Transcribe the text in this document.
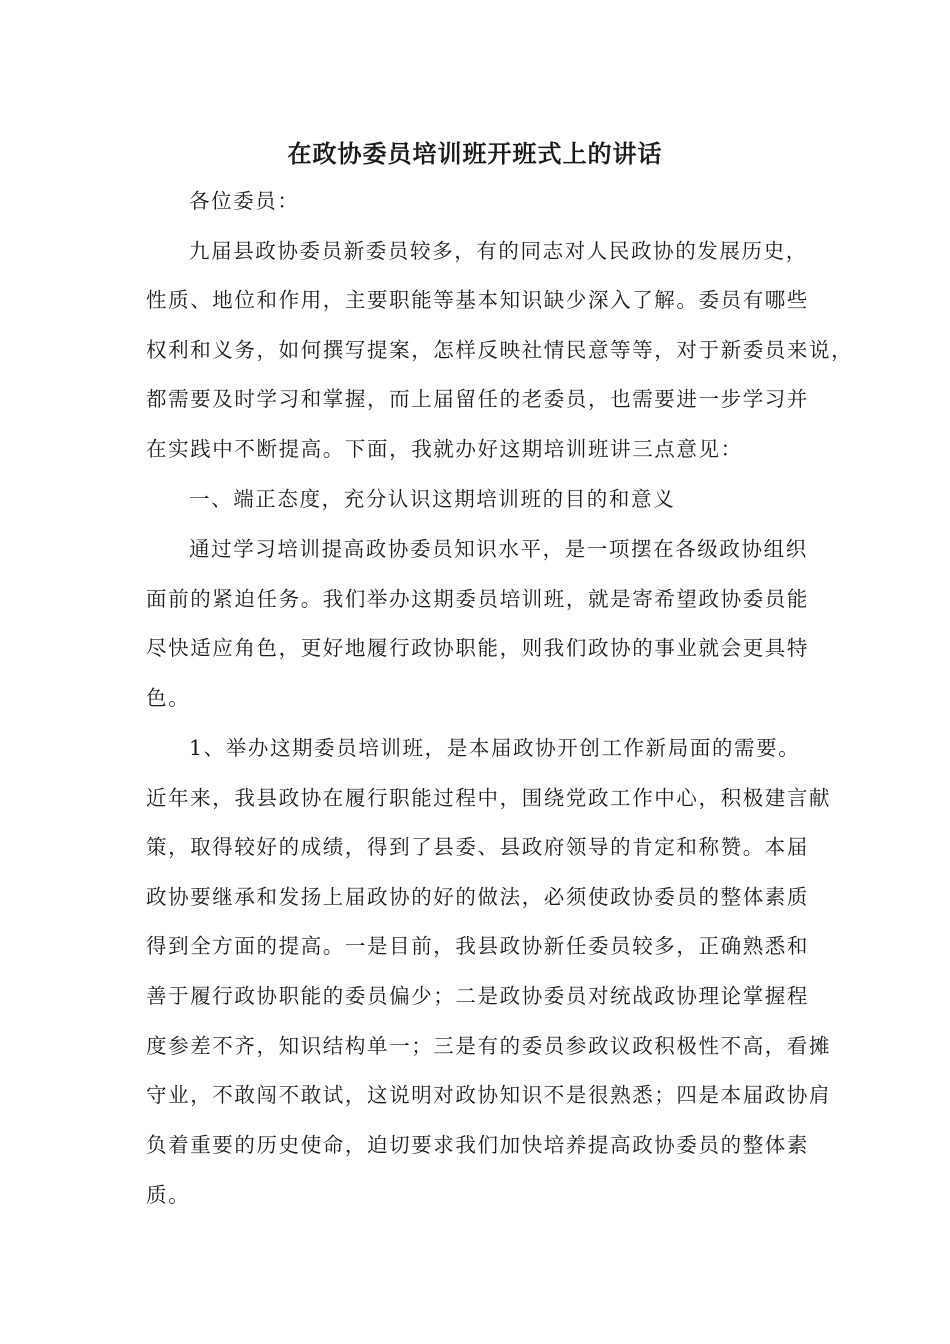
在政协委员培训班开班式上的讲话

各位委员：

九届县政协委员新委员较多，有的同志对人民政协的发展历史，

性质、地位和作用，主要职能等基本知识缺少深入了解。委员有哪些

权利和义务，如何撰写提案，怎样反映社情民意等等，对于新委员来说，

都需要及时学习和掌握，而上届留任的老委员，也需要进一步学习并

在实践中不断提高。下面，我就办好这期培训班讲三点意见：

一、端正态度，充分认识这期培训班的目的和意义

通过学习培训提高政协委员知识水平，是一项摆在各级政协组织

面前的紧迫任务。我们举办这期委员培训班，就是寄希望政协委员能

尽快适应角色，更好地履行政协职能，则我们政协的事业就会更具特

色。

1、举办这期委员培训班，是本届政协开创工作新局面的需要。

近年来，我县政协在履行职能过程中，围绕党政工作中心，积极建言献

策，取得较好的成绩，得到了县委、县政府领导的肯定和称赞。本届

政协要继承和发扬上届政协的好的做法，必须使政协委员的整体素质

得到全方面的提高。一是目前，我县政协新任委员较多，正确熟悉和

善于履行政协职能的委员偏少；二是政协委员对统战政协理论掌握程

度参差不齐，知识结构单一；三是有的委员参政议政积极性不高，看摊

守业，不敢闯不敢试，这说明对政协知识不是很熟悉；四是本届政协肩

负着重要的历史使命，迫切要求我们加快培养提高政协委员的整体素

质。
